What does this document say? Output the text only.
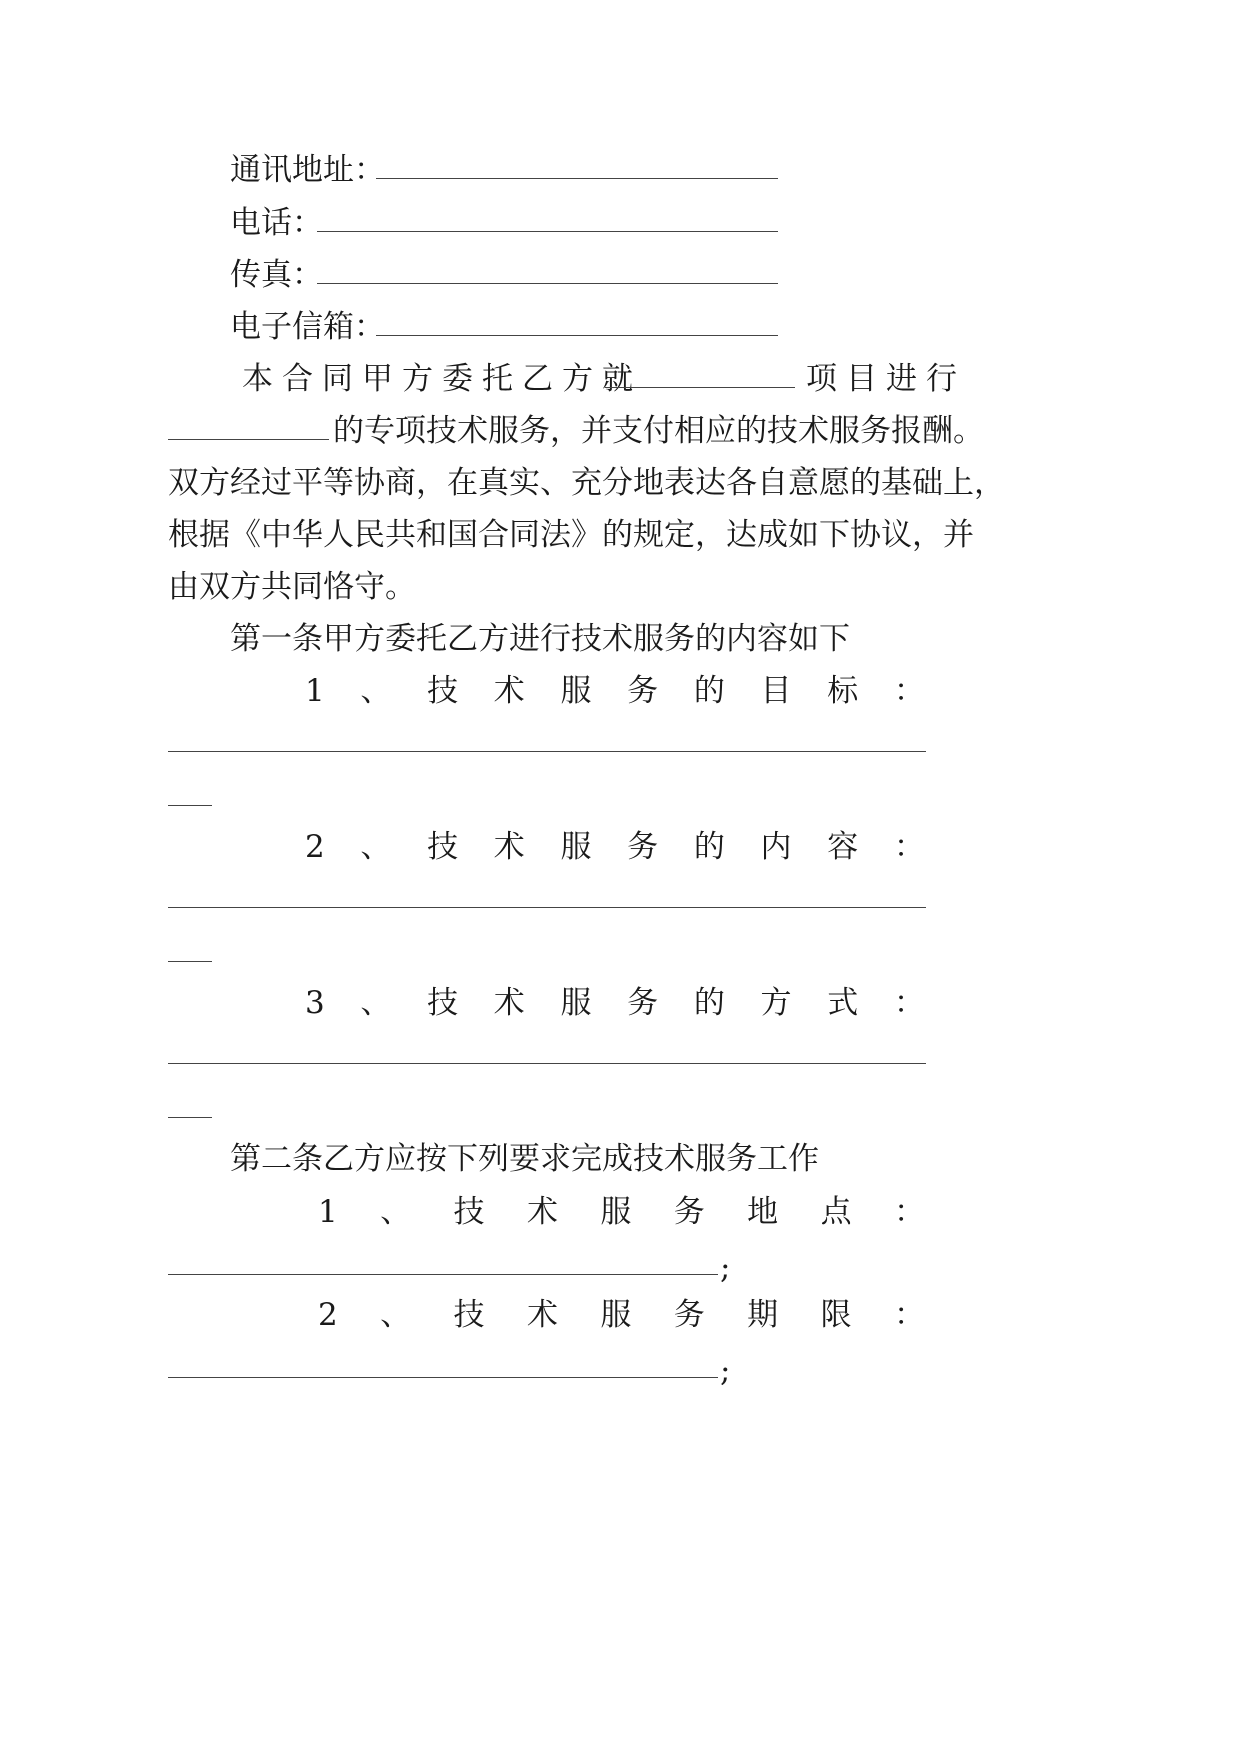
通讯地址：
电话：
传真：
电子信箱：
本合同甲方委托乙方就	项目进行
的专项技术服务，并支付相应的技术服务报酬。
双方经过平等协商，在真实、充分地表达各自意愿的基础上，
根据《中华人民共和国合同法》的规定，达成如下协议，并
由双方共同恪守。
第一条甲方委托乙方进行技术服务的内容如下
1 、 技 术 服 务 的 目 标 ：
2 、 技 术 服 务 的 内 容 ：
3 、 技 术 服 务 的 方 式 ：
第二条乙方应按下列要求完成技术服务工作
1 、 技 术 服 务 地 点 ：
;
2 、 技 术 服 务 期 限 ：
;
